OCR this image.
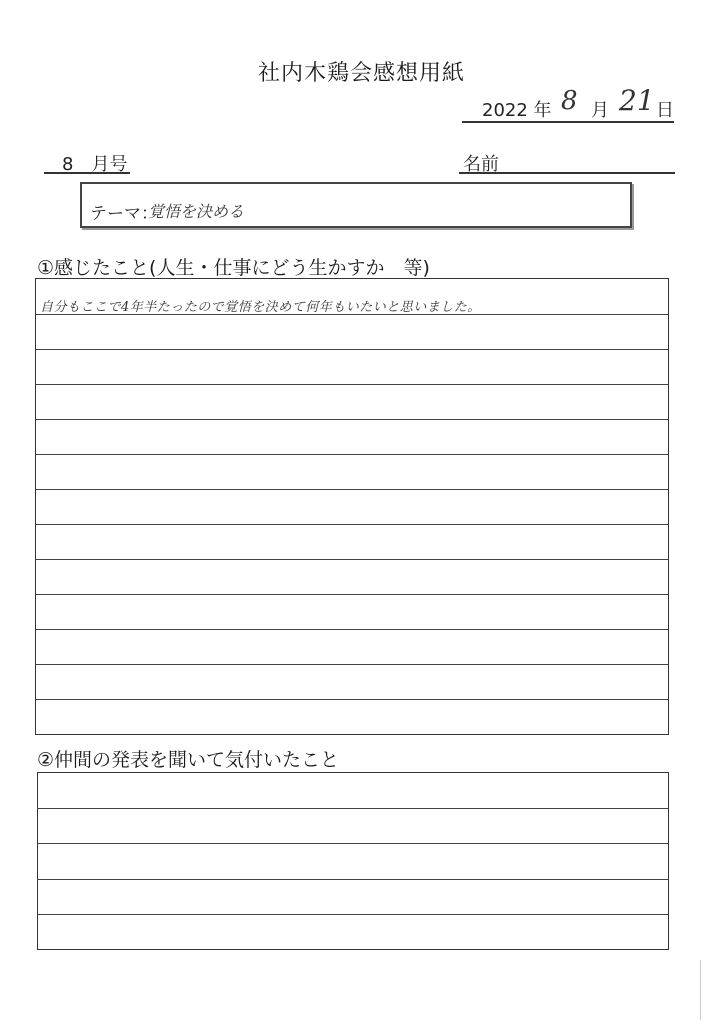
社内木鶏会感想用紙
2022 年 8 月 21 日
8　月号	名前
テーマ：
覚悟を決める
①感じたこと(人生・仕事にどう生かすか　等)
自分もここで4年半たったので覚悟を決めて何年もいたいと思いました。
②仲間の発表を聞いて気付いたこと
